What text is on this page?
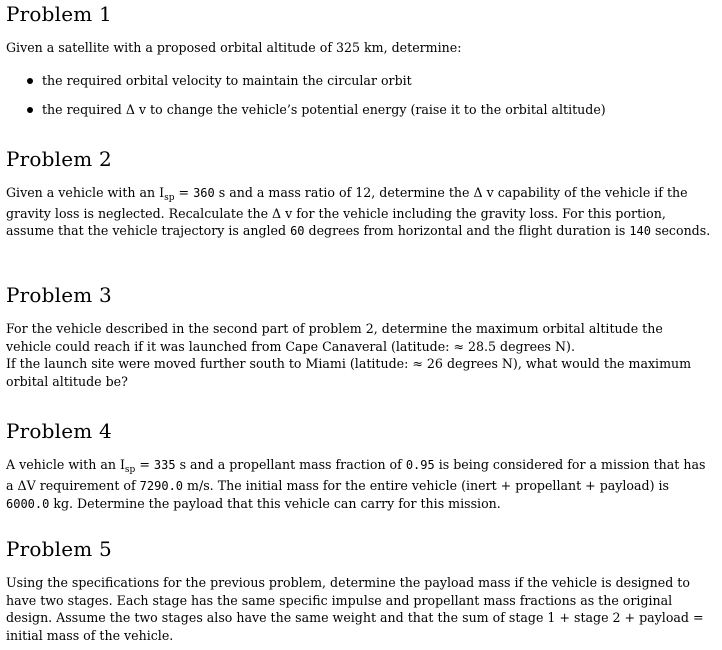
Problem 1

Given a satellite with a proposed orbital altitude of 325 km, determine:

the required orbital velocity to maintain the circular orbit
the required Δ v to change the vehicle’s potential energy (raise it to the orbital altitude)
Problem 2

Given a vehicle with an $I_{sp} = 360$ s and a mass ratio of 12, determine the Δ v capability of the vehicle if the gravity loss is neglected. Recalculate the Δ v for the vehicle including the gravity loss. For this portion, assume that the vehicle trajectory is angled 60 degrees from horizontal and the flight duration is 140 seconds.

Problem 3

For the vehicle described in the second part of problem 2, determine the maximum orbital altitude the vehicle could reach if it was launched from Cape Canaveral (latitude: ≈ 28.5 degrees N).
If the launch site were moved further south to Miami (latitude: ≈ 26 degrees N), what would the maximum orbital altitude be?

Problem 4

A vehicle with an $I_{sp} = 335$ s and a propellant mass fraction of 0.95 is being considered for a mission that has a ΔV requirement of 7290.0 m/s. The initial mass for the entire vehicle (inert + propellant + payload) is 6000.0 kg. Determine the payload that this vehicle can carry for this mission.

Problem 5

Using the specifications for the previous problem, determine the payload mass if the vehicle is designed to have two stages. Each stage has the same specific impulse and propellant mass fractions as the original design. Assume the two stages also have the same weight and that the sum of stage 1 + stage 2 + payload = initial mass of the vehicle.
